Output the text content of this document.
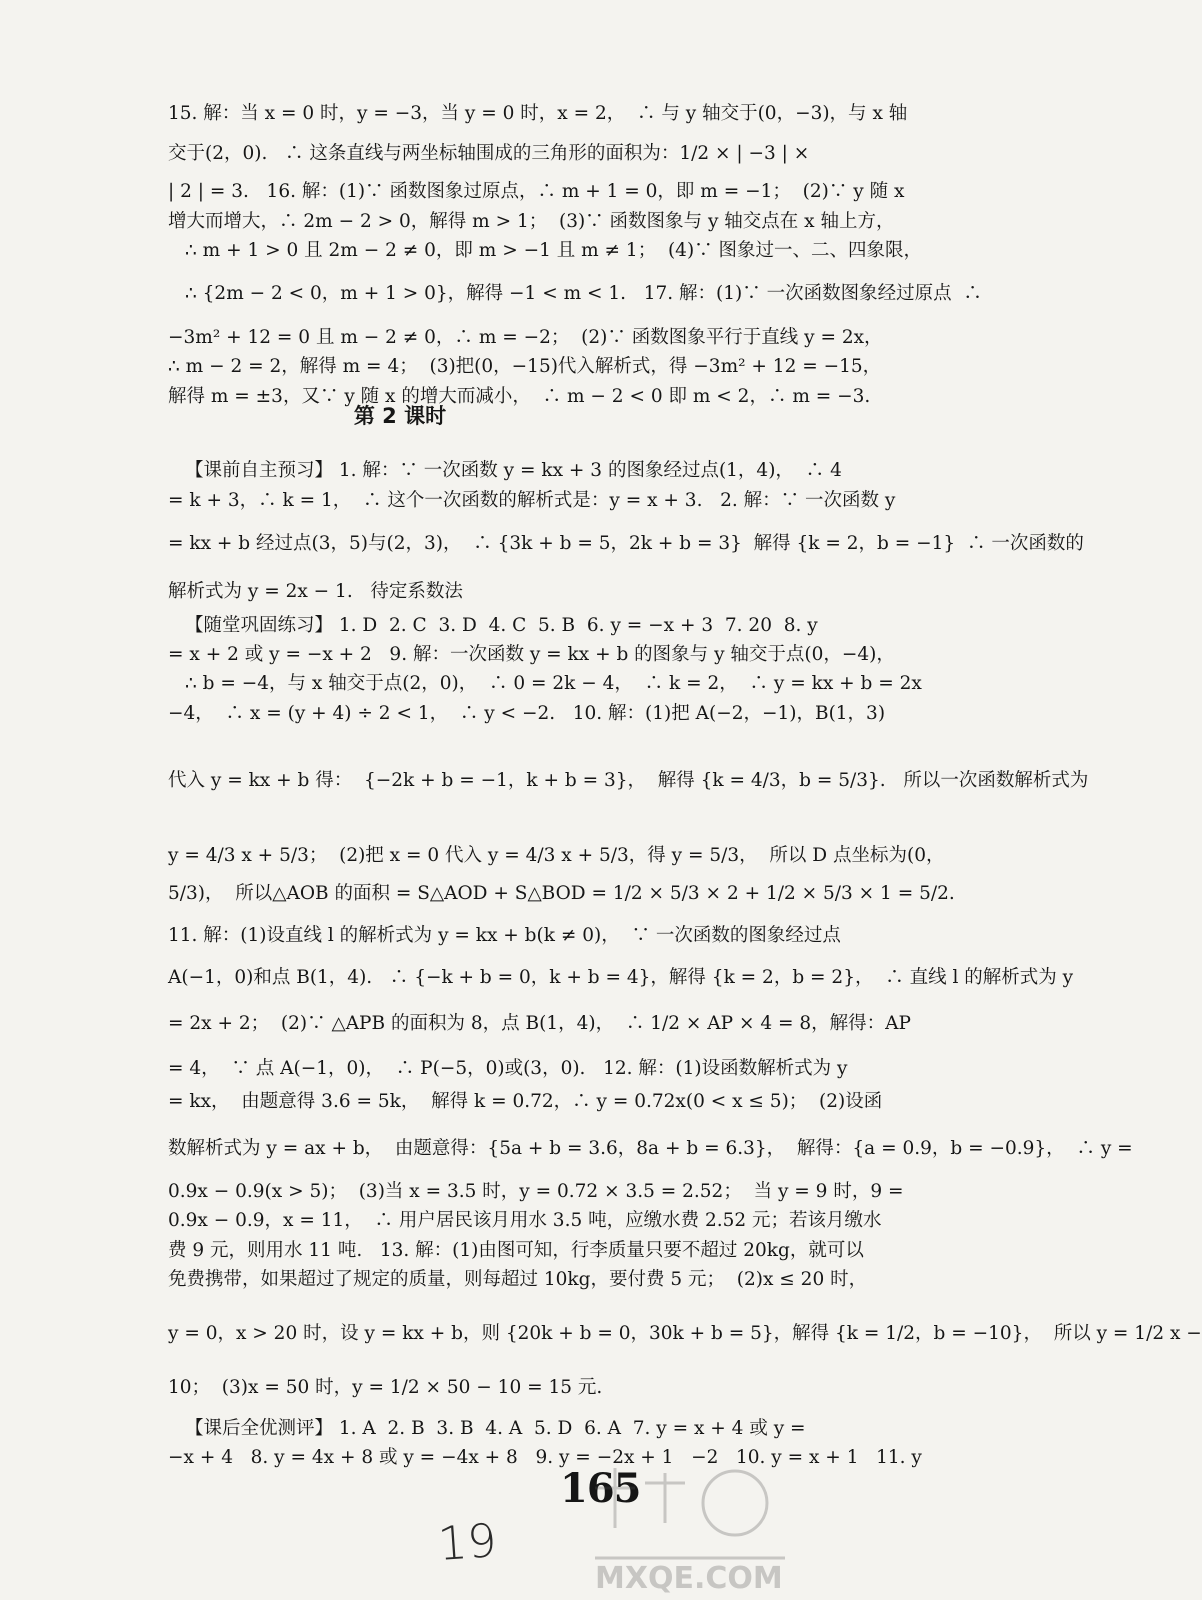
15. 解：当 x = 0 时，y = −3，当 y = 0 时，x = 2，  ∴ 与 y 轴交于(0，−3)，与 x 轴
交于(2，0).   ∴ 这条直线与两坐标轴围成的三角形的面积为：1/2 × | −3 | ×
| 2 | = 3.   16. 解：(1)∵ 函数图象过原点，∴ m + 1 = 0，即 m = −1；  (2)∵ y 随 x
增大而增大，∴ 2m − 2 > 0，解得 m > 1；  (3)∵ 函数图象与 y 轴交点在 x 轴上方，
∴ m + 1 > 0 且 2m − 2 ≠ 0，即 m > −1 且 m ≠ 1；  (4)∵ 图象过一、二、四象限，
∴ {2m − 2 < 0，m + 1 > 0}，解得 −1 < m < 1.   17. 解：(1)∵ 一次函数图象经过原点  ∴
−3m² + 12 = 0 且 m − 2 ≠ 0，∴ m = −2；  (2)∵ 函数图象平行于直线 y = 2x，
∴ m − 2 = 2，解得 m = 4；  (3)把(0，−15)代入解析式，得 −3m² + 12 = −15，
解得 m = ±3，又∵ y 随 x 的增大而减小，  ∴ m − 2 < 0 即 m < 2，∴ m = −3.
第 2 课时
【课前自主预习】 1. 解：∵ 一次函数 y = kx + 3 的图象经过点(1，4)，  ∴ 4
= k + 3，∴ k = 1，  ∴ 这个一次函数的解析式是：y = x + 3.   2. 解：∵ 一次函数 y
= kx + b 经过点(3，5)与(2，3)，  ∴ {3k + b = 5，2k + b = 3}  解得 {k = 2，b = −1}  ∴ 一次函数的
解析式为 y = 2x − 1.   待定系数法
【随堂巩固练习】 1. D  2. C  3. D  4. C  5. B  6. y = −x + 3  7. 20  8. y
= x + 2 或 y = −x + 2   9. 解：一次函数 y = kx + b 的图象与 y 轴交于点(0，−4)，
∴ b = −4，与 x 轴交于点(2，0)，  ∴ 0 = 2k − 4，  ∴ k = 2，  ∴ y = kx + b = 2x
−4，  ∴ x = (y + 4) ÷ 2 < 1，  ∴ y < −2.   10. 解：(1)把 A(−2，−1)，B(1，3)
代入 y = kx + b 得：  {−2k + b = −1，k + b = 3}，  解得 {k = 4/3，b = 5/3}.   所以一次函数解析式为
y = 4/3 x + 5/3；  (2)把 x = 0 代入 y = 4/3 x + 5/3，得 y = 5/3，  所以 D 点坐标为(0，
5/3)，  所以△AOB 的面积 = S△AOD + S△BOD = 1/2 × 5/3 × 2 + 1/2 × 5/3 × 1 = 5/2.
11. 解：(1)设直线 l 的解析式为 y = kx + b(k ≠ 0)，  ∵ 一次函数的图象经过点
A(−1，0)和点 B(1，4).   ∴ {−k + b = 0，k + b = 4}，解得 {k = 2，b = 2}，  ∴ 直线 l 的解析式为 y
= 2x + 2；  (2)∵ △APB 的面积为 8，点 B(1，4)，  ∴ 1/2 × AP × 4 = 8，解得：AP
= 4，  ∵ 点 A(−1，0)，  ∴ P(−5，0)或(3，0).   12. 解：(1)设函数解析式为 y
= kx，  由题意得 3.6 = 5k，  解得 k = 0.72，∴ y = 0.72x(0 < x ≤ 5)；  (2)设函
数解析式为 y = ax + b，  由题意得：{5a + b = 3.6，8a + b = 6.3}，  解得：{a = 0.9，b = −0.9}，  ∴ y =
0.9x − 0.9(x > 5)；  (3)当 x = 3.5 时，y = 0.72 × 3.5 = 2.52；  当 y = 9 时，9 =
0.9x − 0.9，x = 11，  ∴ 用户居民该月用水 3.5 吨，应缴水费 2.52 元；若该月缴水
费 9 元，则用水 11 吨.   13. 解：(1)由图可知，行李质量只要不超过 20kg，就可以
免费携带，如果超过了规定的质量，则每超过 10kg，要付费 5 元；  (2)x ≤ 20 时，
y = 0，x > 20 时，设 y = kx + b，则 {20k + b = 0，30k + b = 5}，解得 {k = 1/2，b = −10}，  所以 y = 1/2 x −
10；  (3)x = 50 时，y = 1/2 × 50 − 10 = 15 元.
【课后全优测评】 1. A  2. B  3. B  4. A  5. D  6. A  7. y = x + 4 或 y =
−x + 4   8. y = 4x + 8 或 y = −4x + 8   9. y = −2x + 1   −2   10. y = x + 1   11. y
165
19
MXQE.COM
